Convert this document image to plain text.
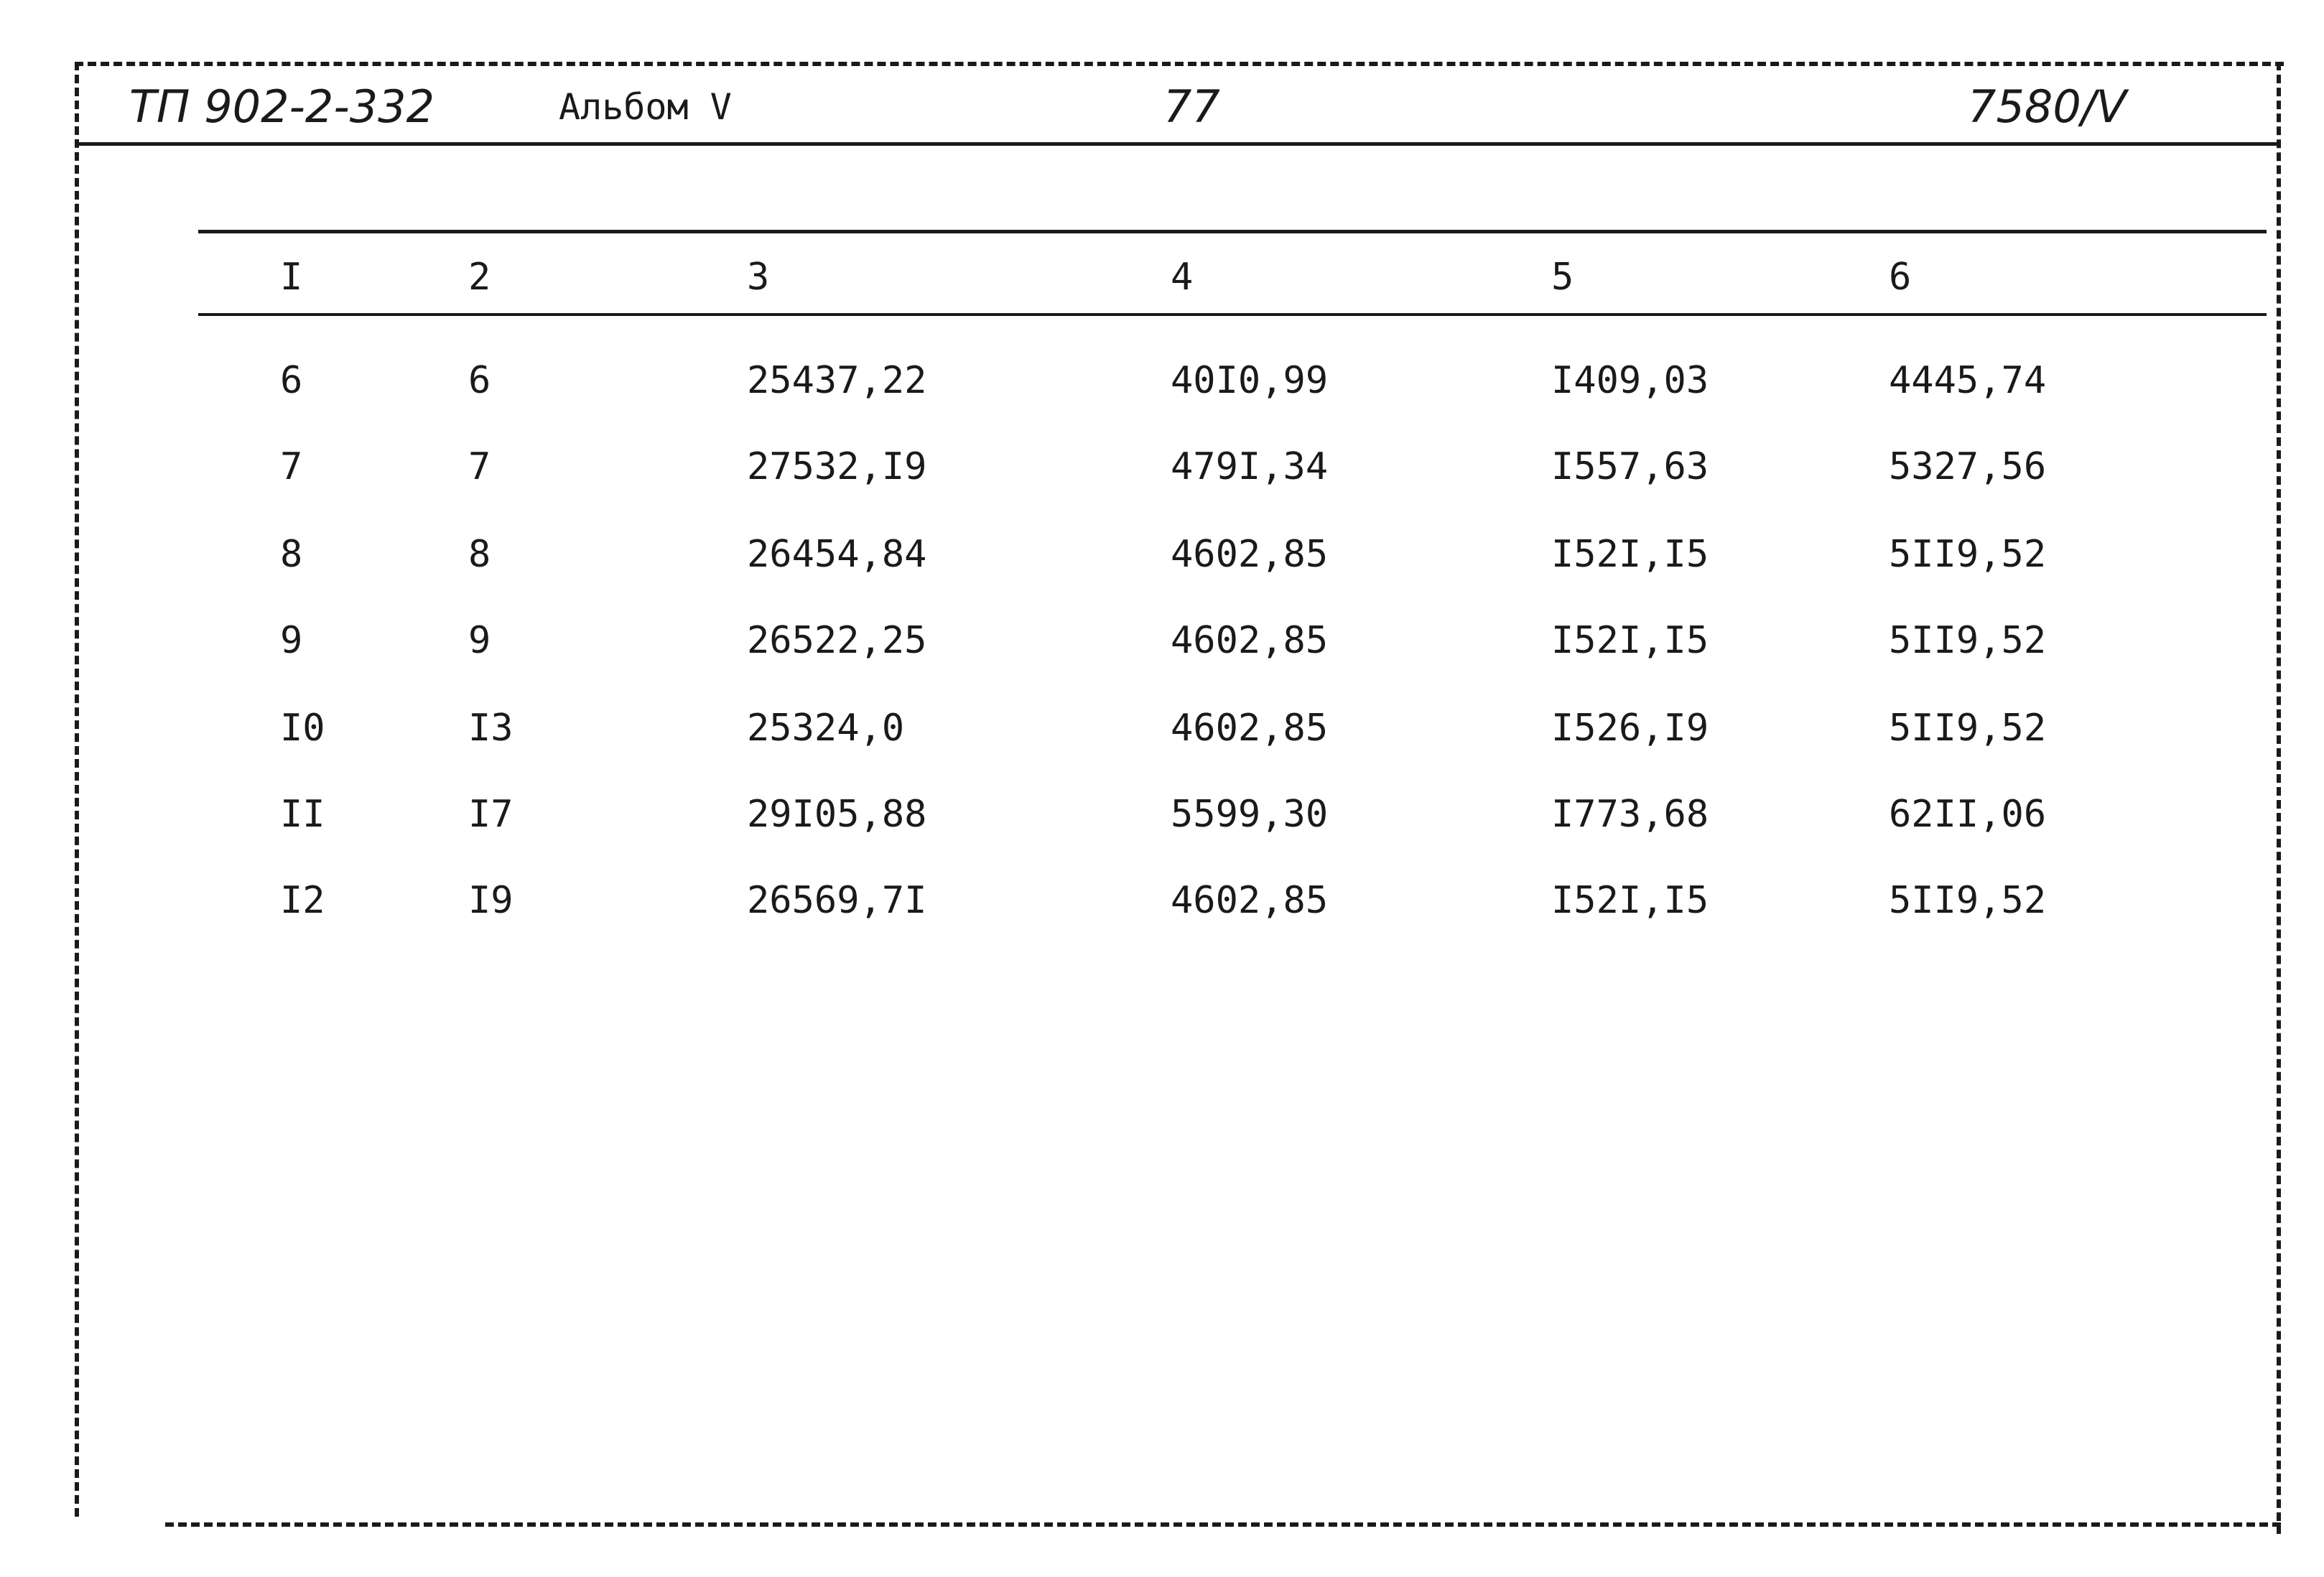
ТП 902-2-332	Альбом V	77	7580/V
I	2	3	4	5	6
6	6	25437,22	40I0,99	I409,03	4445,74
7	7	27532,I9	479I,34	I557,63	5327,56
8	8	26454,84	4602,85	I52I,I5	5II9,52
9	9	26522,25	4602,85	I52I,I5	5II9,52
I0	I3	25324,0	4602,85	I526,I9	5II9,52
II	I7	29I05,88	5599,30	I773,68	62II,06
I2	I9	26569,7I	4602,85	I52I,I5	5II9,52
